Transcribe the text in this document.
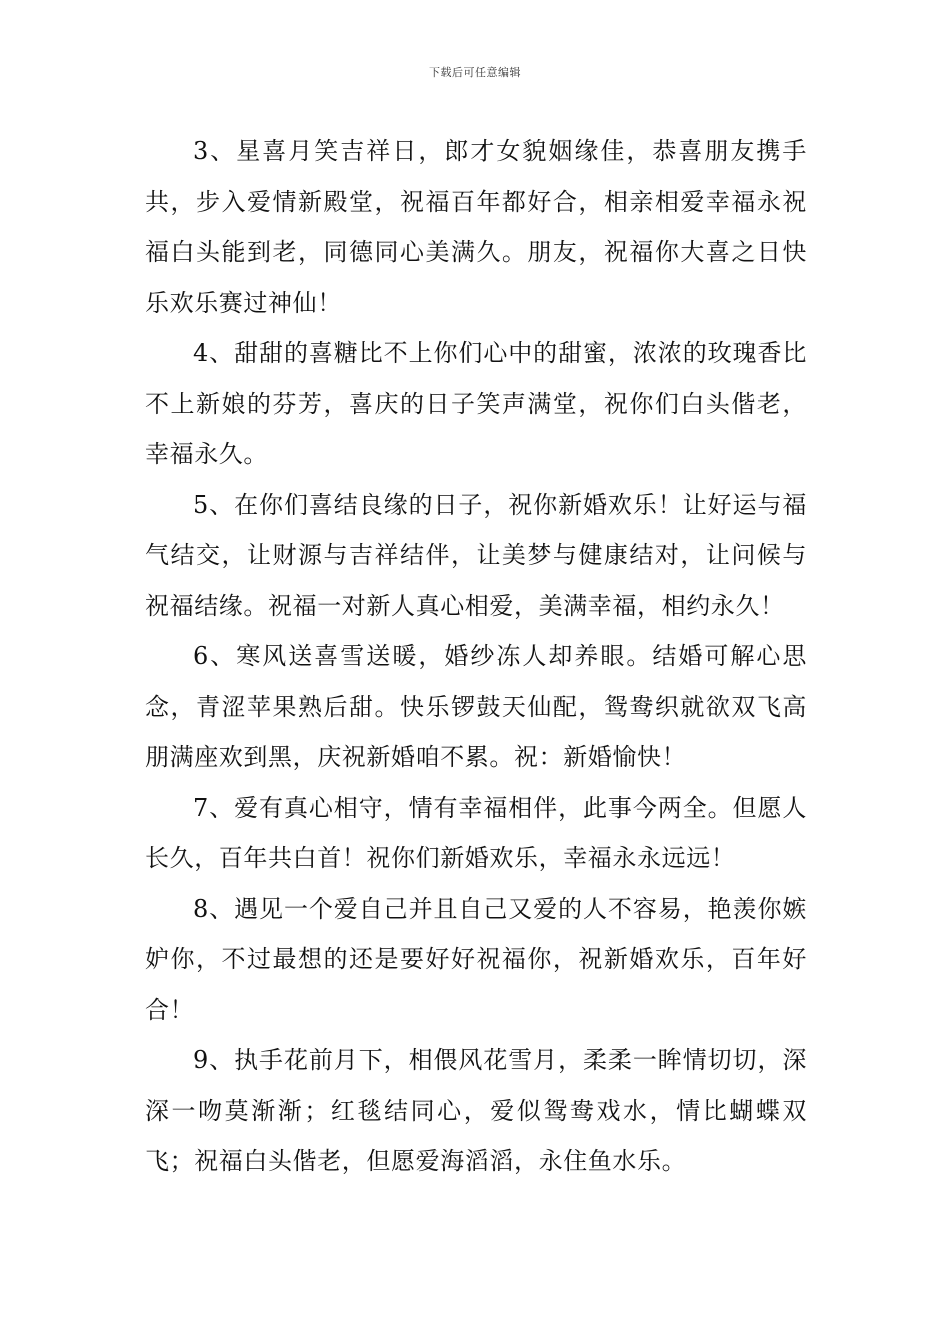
下载后可任意编辑

3、星喜月笑吉祥日，郎才女貌姻缘佳，恭喜朋友携手共，步入爱情新殿堂，祝福百年都好合，相亲相爱幸福永祝福白头能到老，同德同心美满久。朋友，祝福你大喜之日快乐欢乐赛过神仙！

4、甜甜的喜糖比不上你们心中的甜蜜，浓浓的玫瑰香比不上新娘的芬芳，喜庆的日子笑声满堂，祝你们白头偕老，幸福永久。

5、在你们喜结良缘的日子，祝你新婚欢乐！让好运与福气结交，让财源与吉祥结伴，让美梦与健康结对，让问候与祝福结缘。祝福一对新人真心相爱，美满幸福，相约永久！

6、寒风送喜雪送暖，婚纱冻人却养眼。结婚可解心思念，青涩苹果熟后甜。快乐锣鼓天仙配，鸳鸯织就欲双飞高朋满座欢到黑，庆祝新婚咱不累。祝：新婚愉快！

7、爱有真心相守，情有幸福相伴，此事今两全。但愿人长久，百年共白首！祝你们新婚欢乐，幸福永永远远！

8、遇见一个爱自己并且自己又爱的人不容易，艳羡你嫉妒你，不过最想的还是要好好祝福你，祝新婚欢乐，百年好合！

9、执手花前月下，相偎风花雪月，柔柔一眸情切切，深深一吻莫渐渐；红毯结同心，爱似鸳鸯戏水，情比蝴蝶双飞；祝福白头偕老，但愿爱海滔滔，永住鱼水乐。
